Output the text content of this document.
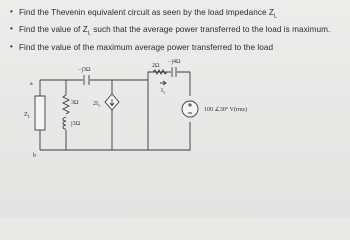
• Find the Thevenin equivalent circuit as seen by the load impedance $Z_L$
• Find the value of $Z_L$ such that the average power transferred to the load is maximum.
• Find the value of the maximum average power transferred to the load
a
b
$Z_L$
−j3Ω
3Ω
j3Ω
$2I_x$
2Ω
−j4Ω
$I_x$
100 ∠30° V(rms)
